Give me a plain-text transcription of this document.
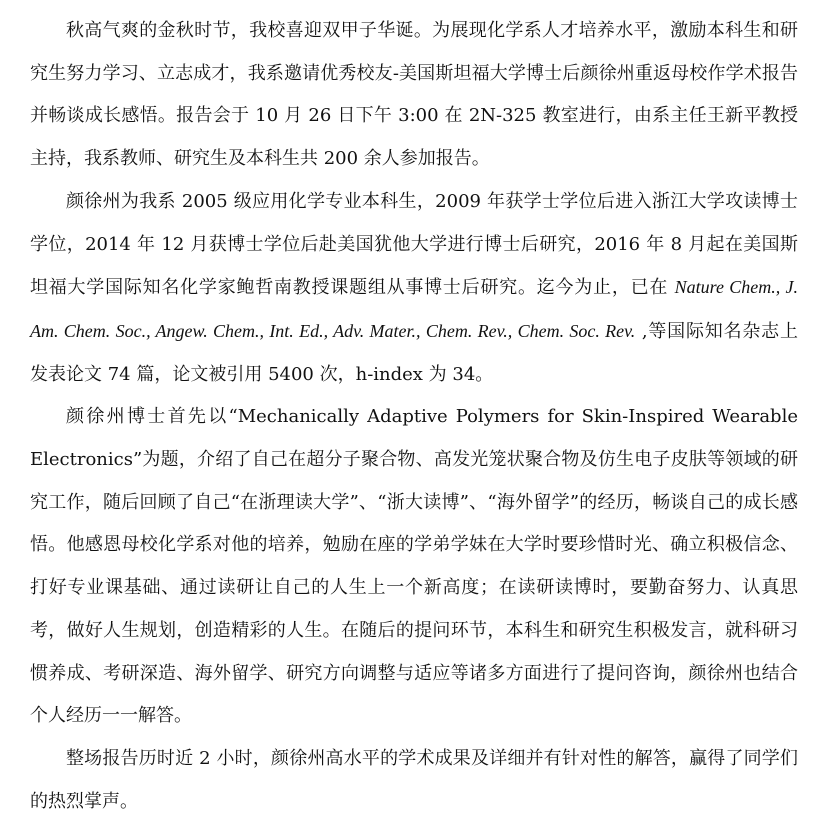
秋高气爽的金秋时节，我校喜迎双甲子华诞。为展现化学系人才培养水平，激励本科生和研究生努力学习、立志成才，我系邀请优秀校友-美国斯坦福大学博士后颜徐州重返母校作学术报告并畅谈成长感悟。报告会于 10 月 26 日下午 3:00 在 2N-325 教室进行，由系主任王新平教授主持，我系教师、研究生及本科生共 200 余人参加报告。

颜徐州为我系 2005 级应用化学专业本科生，2009 年获学士学位后进入浙江大学攻读博士学位，2014 年 12 月获博士学位后赴美国犹他大学进行博士后研究，2016 年 8 月起在美国斯坦福大学国际知名化学家鲍哲南教授课题组从事博士后研究。迄今为止，已在 Nature Chem., J. Am. Chem. Soc., Angew. Chem., Int. Ed., Adv. Mater., Chem. Rev., Chem. Soc. Rev. ,等国际知名杂志上发表论文 74 篇，论文被引用 5400 次，h-index 为 34。

颜徐州博士首先以“Mechanically Adaptive Polymers for Skin-Inspired Wearable Electronics”为题，介绍了自己在超分子聚合物、高发光笼状聚合物及仿生电子皮肤等领域的研究工作，随后回顾了自己“在浙理读大学”、“浙大读博”、“海外留学”的经历，畅谈自己的成长感悟。他感恩母校化学系对他的培养，勉励在座的学弟学妹在大学时要珍惜时光、确立积极信念、打好专业课基础、通过读研让自己的人生上一个新高度；在读研读博时，要勤奋努力、认真思考，做好人生规划，创造精彩的人生。在随后的提问环节，本科生和研究生积极发言，就科研习惯养成、考研深造、海外留学、研究方向调整与适应等诸多方面进行了提问咨询，颜徐州也结合个人经历一一解答。

整场报告历时近 2 小时，颜徐州高水平的学术成果及详细并有针对性的解答，赢得了同学们的热烈掌声。
